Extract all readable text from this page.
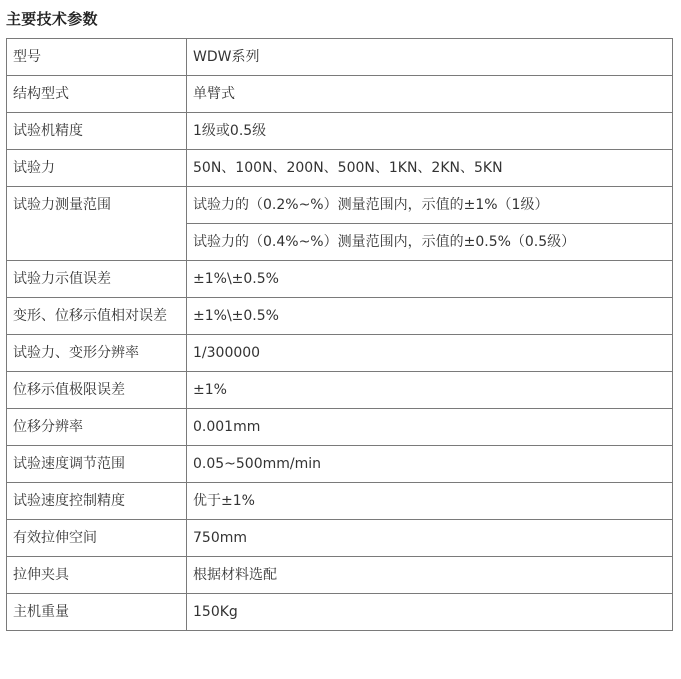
主要技术参数
型号	WDW系列
结构型式	单臂式
试验机精度	1级或0.5级
试验力	50N、100N、200N、500N、1KN、2KN、5KN
试验力测量范围	试验力的（0.2%~%）测量范围内，示值的±1%（1级）
	试验力的（0.4%~%）测量范围内，示值的±0.5%（0.5级）
试验力示值误差	±1%\±0.5%
变形、位移示值相对误差	±1%\±0.5%
试验力、变形分辨率	1/300000
位移示值极限误差	±1%
位移分辨率	0.001mm
试验速度调节范围	0.05~500mm/min
试验速度控制精度	优于±1%
有效拉伸空间	750mm
拉伸夹具	根据材料选配
主机重量	150Kg
